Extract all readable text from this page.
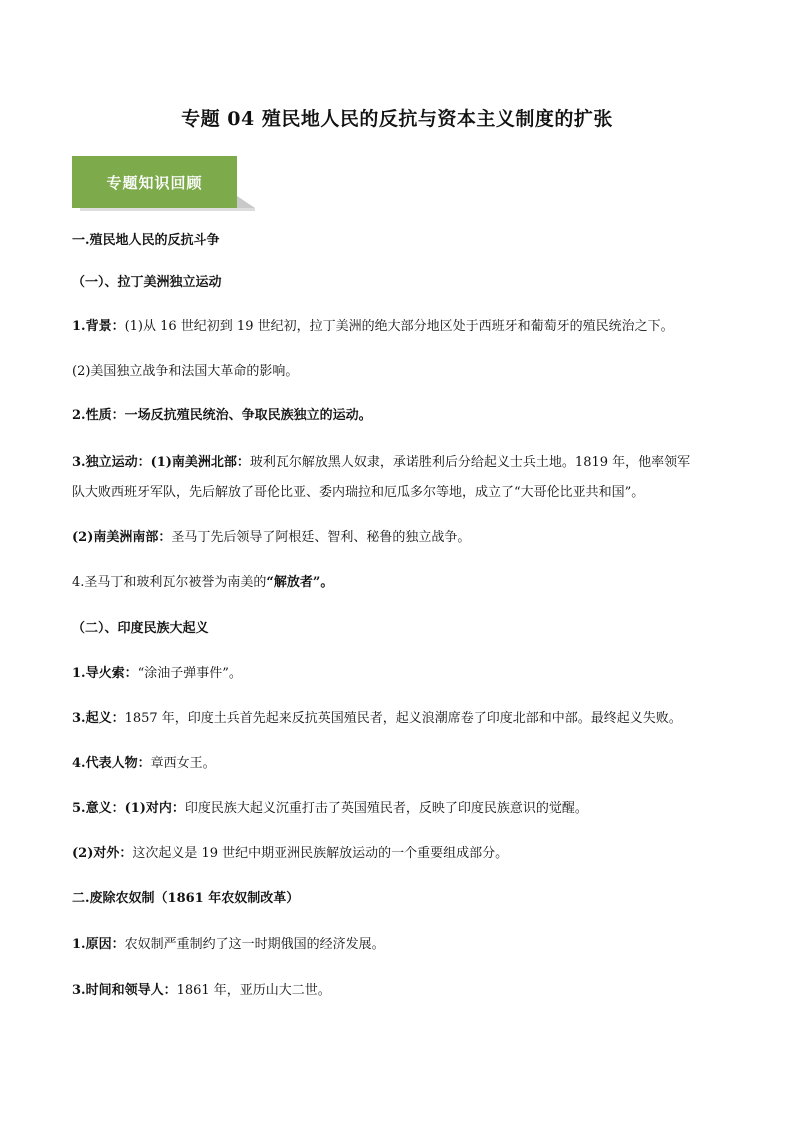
专题 04 殖民地人民的反抗与资本主义制度的扩张
专题知识回顾
一.殖民地人民的反抗斗争
（一）、拉丁美洲独立运动
1.背景：(1)从 16 世纪初到 19 世纪初，拉丁美洲的绝大部分地区处于西班牙和葡萄牙的殖民统治之下。
(2)美国独立战争和法国大革命的影响。
2.性质：一场反抗殖民统治、争取民族独立的运动。
3.独立运动：(1)南美洲北部：玻利瓦尔解放黑人奴隶，承诺胜利后分给起义士兵土地。1819 年，他率领军
队大败西班牙军队，先后解放了哥伦比亚、委内瑞拉和厄瓜多尔等地，成立了“大哥伦比亚共和国”。
(2)南美洲南部：圣马丁先后领导了阿根廷、智利、秘鲁的独立战争。
4.圣马丁和玻利瓦尔被誉为南美的“解放者”。
（二）、印度民族大起义
1.导火索：“涂油子弹事件”。
3.起义：1857 年，印度土兵首先起来反抗英国殖民者，起义浪潮席卷了印度北部和中部。最终起义失败。
4.代表人物：章西女王。
5.意义：(1)对内：印度民族大起义沉重打击了英国殖民者，反映了印度民族意识的觉醒。
(2)对外：这次起义是 19 世纪中期亚洲民族解放运动的一个重要组成部分。
二.废除农奴制（1861 年农奴制改革）
1.原因：农奴制严重制约了这一时期俄国的经济发展。
3.时间和领导人：1861 年，亚历山大二世。
